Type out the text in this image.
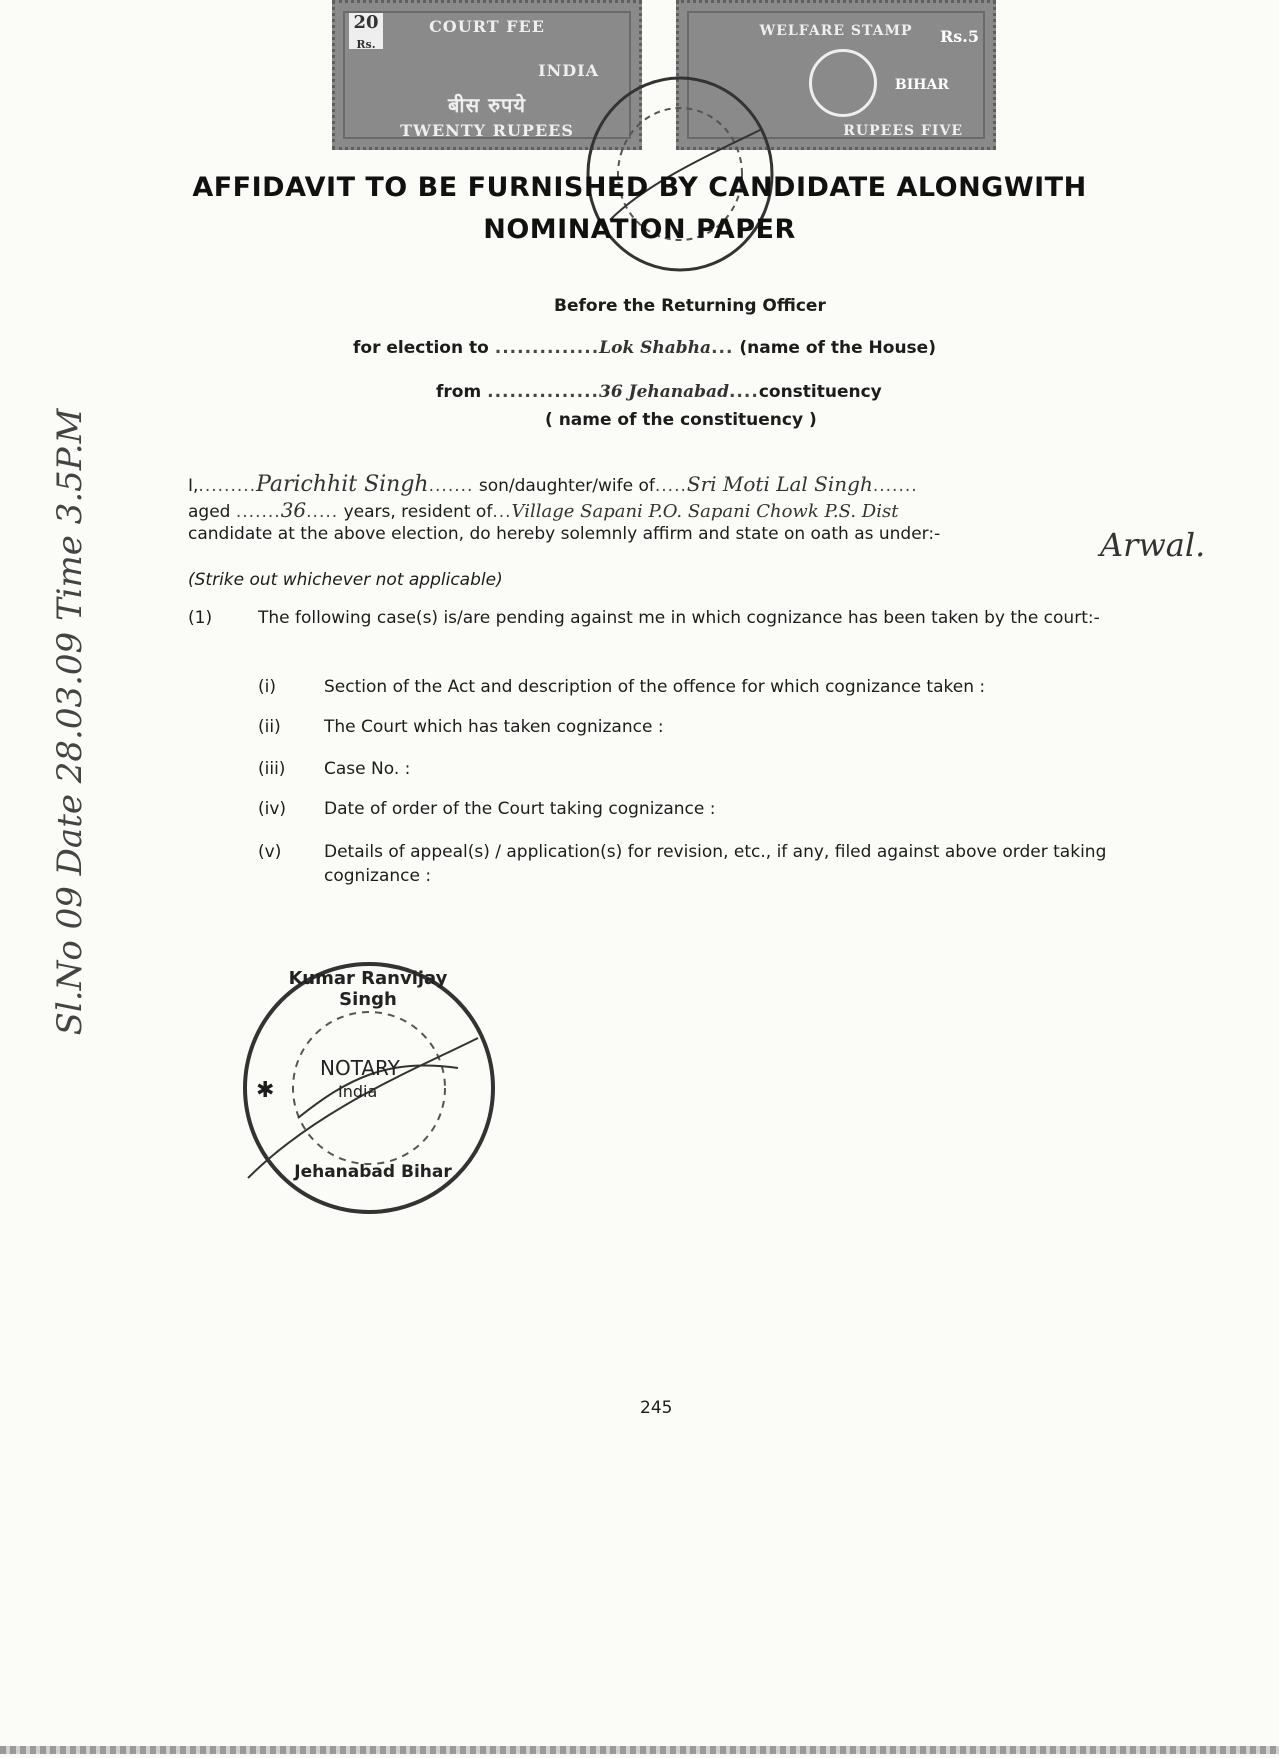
20
Rs.
COURT FEE
INDIA
बीस रुपये
TWENTY RUPEES
WELFARE STAMP	Rs.5
BIHAR
RUPEES FIVE
AFFIDAVIT TO BE FURNISHED BY CANDIDATE ALONGWITH
NOMINATION PAPER
Before the Returning Officer
for election to ..............Lok Shabha... (name of the House)
from ...............36 Jehanabad....constituency
( name of the constituency )
I,.........Parichhit Singh....... son/daughter/wife of.....Sri Moti Lal Singh.......
aged .......36..... years, resident of...Village Sapani P.O. Sapani Chowk P.S. Dist
candidate at the above election, do hereby solemnly affirm and state on oath as under:-	Arwal.
(Strike out whichever not applicable)
(1)	The following case(s) is/are pending against me in which cognizance has been taken by the court:-
(i)	Section of the Act and description of the offence for which cognizance taken :
(ii)	The Court which has taken cognizance :
(iii) Case No. :
(iv) Date of order of the Court taking cognizance :
(v)	Details of appeal(s) / application(s) for revision, etc., if any, filed against above order taking cognizance :
Kumar Ranvijay Singh
NOTARY
India
✱
Jehanabad Bihar
Sl.No 09 Date 28.03.09 Time 3.5P.M
245
